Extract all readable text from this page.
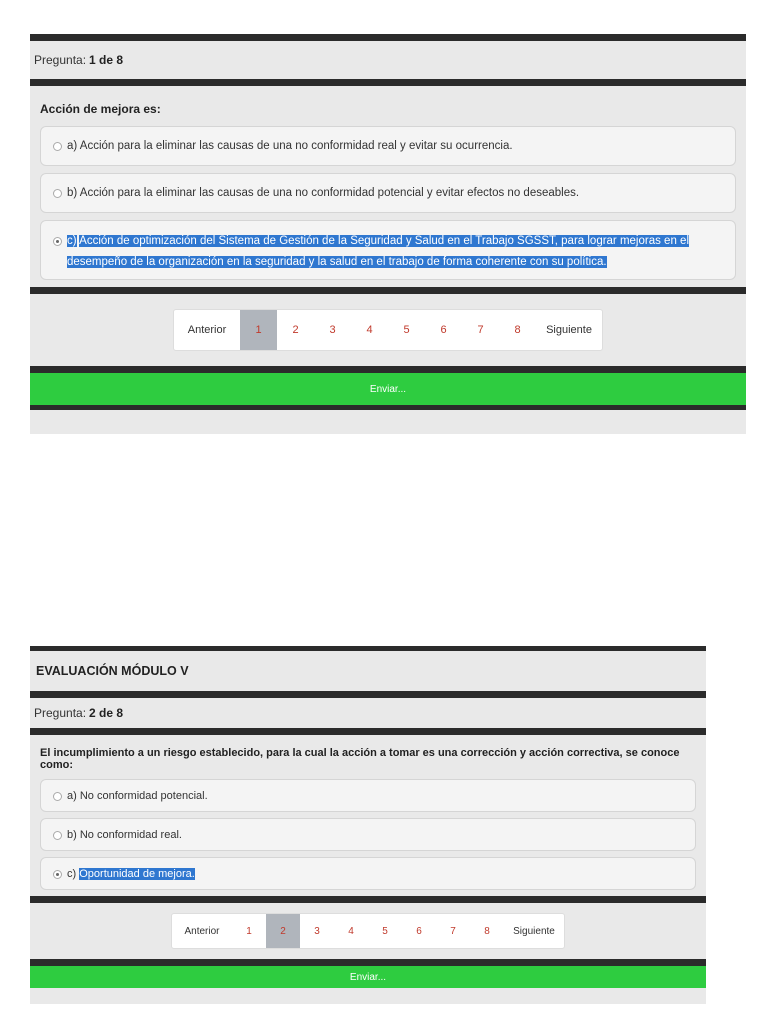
Pregunta: 1 de 8
Acción de mejora es:
a) Acción para la eliminar las causas de una no conformidad real y evitar su ocurrencia.
b) Acción para la eliminar las causas de una no conformidad potencial y evitar efectos no deseables.
c) Acción de optimización del Sistema de Gestión de la Seguridad y Salud en el Trabajo SGSST, para lograr mejoras en el desempeño de la organización en la seguridad y la salud en el trabajo de forma coherente con su política.
Anterior	1	2	3	4	5	6	7	8	Siguiente
Enviar...
EVALUACIÓN MÓDULO V
Pregunta: 2 de 8
El incumplimiento a un riesgo establecido, para la cual la acción a tomar es una corrección y acción correctiva, se conoce como:
a) No conformidad potencial.
b) No conformidad real.
c) Oportunidad de mejora.
Anterior	1	2	3	4	5	6	7	8	Siguiente
Enviar...
